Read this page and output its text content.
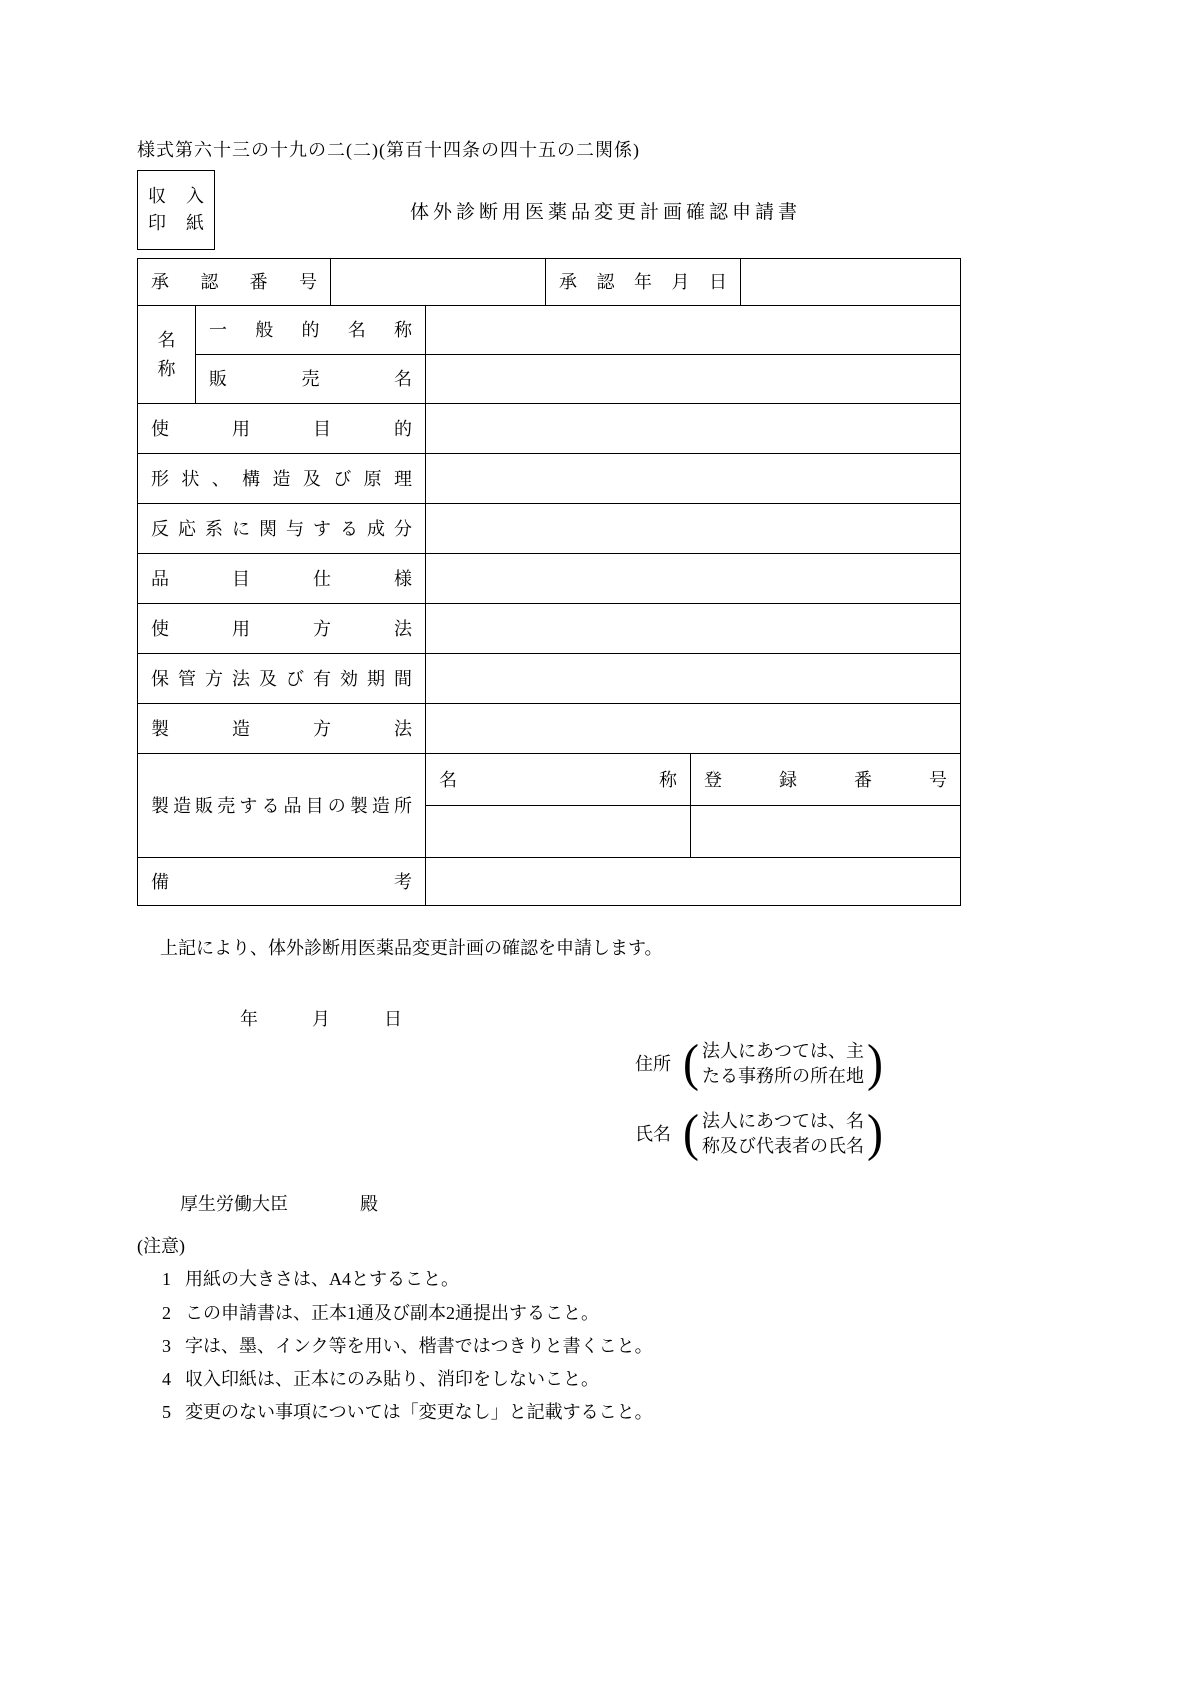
様式第六十三の十九の二(二)(第百十四条の四十五の二関係)
収 入
印 紙	体外診断用医薬品変更計画確認申請書
承 認 番 号				承 認 年 月 日		

名称	一 般 的 名 称					
	販 売 名					
使 用 目 的						
形 状 、 構 造 及 び 原 理						
反 応 系 に 関 与 す る 成 分						
品 目 仕 様						
使 用 方 法						
保 管 方 法 及 び 有 効 期 間						
製 造 方 法						
製造販売する品目の製造所			名 称		登 録 番 号	

備 考						
上記により、体外診断用医薬品変更計画の確認を申請します。
年　　　月　　　日
住所 ( 法人にあつては、主
たる事務所の所在地 )
氏名 ( 法人にあつては、名
称及び代表者の氏名 )
厚生労働大臣　　　　殿
(注意)
1 用紙の大きさは、A4とすること。
2 この申請書は、正本1通及び副本2通提出すること。
3 字は、墨、インク等を用い、楷書ではつきりと書くこと。
4 収入印紙は、正本にのみ貼り、消印をしないこと。
5 変更のない事項については「変更なし」と記載すること。
